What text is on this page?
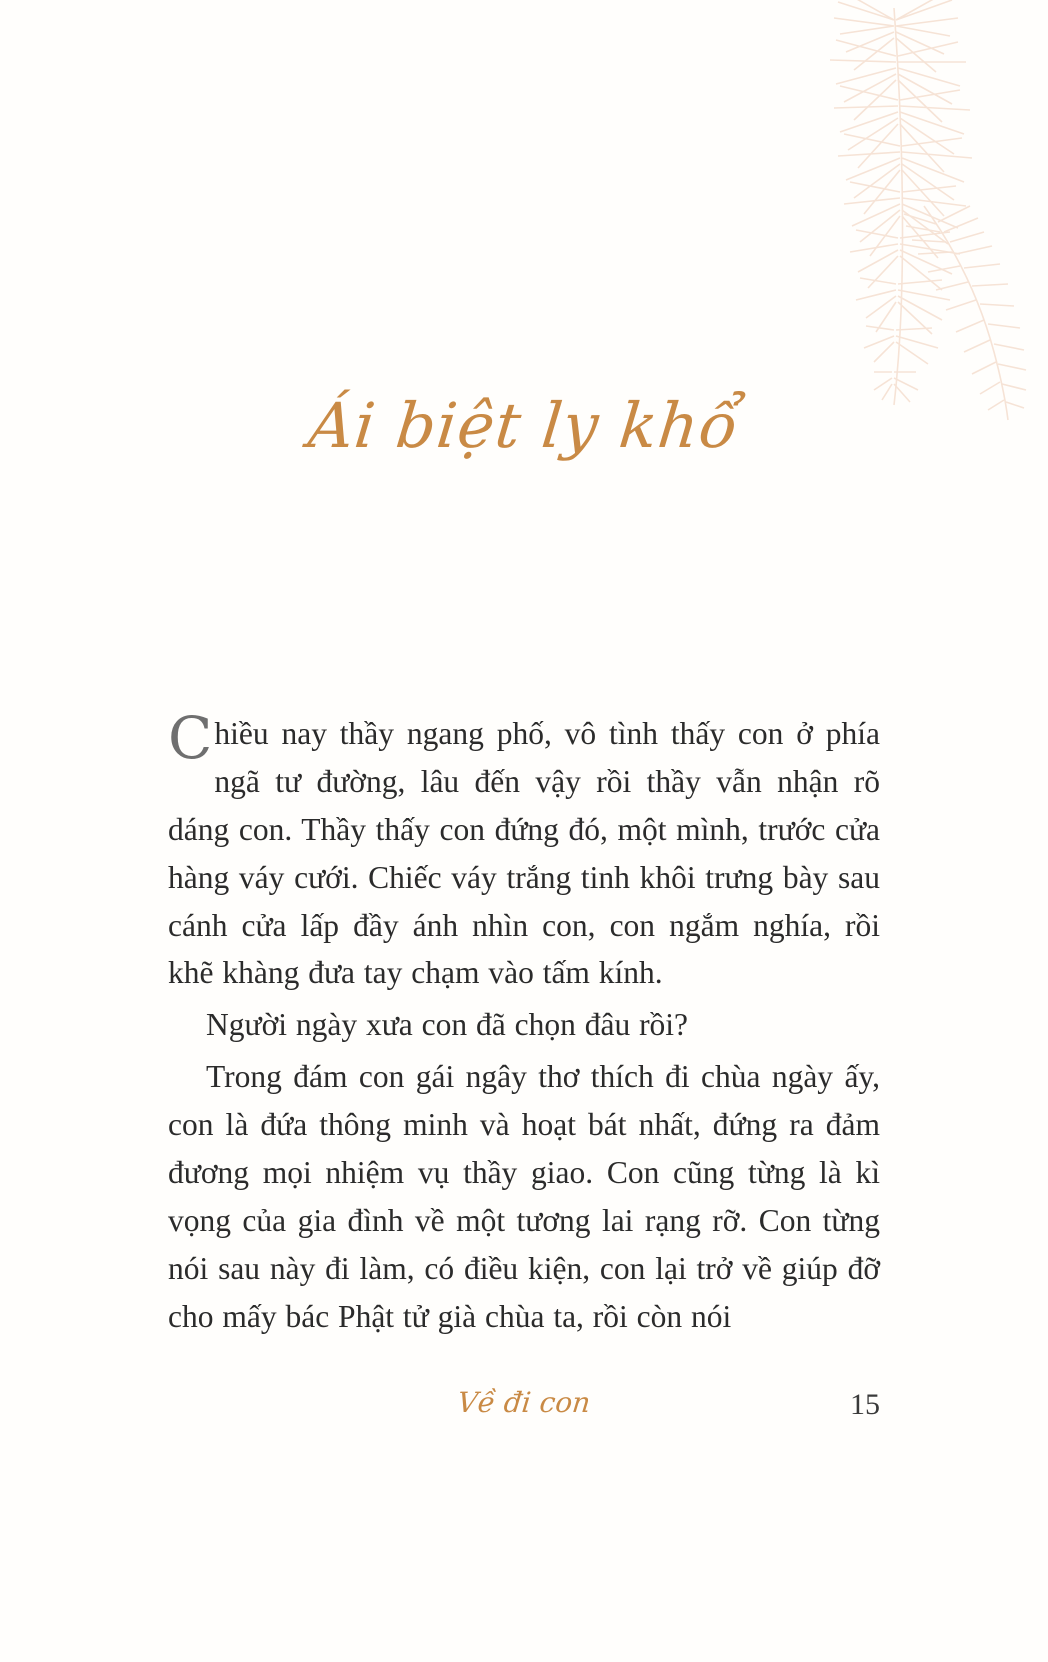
Ái biệt ly khổ

Chiều nay thầy ngang phố, vô tình thấy con ở phía ngã tư đường, lâu đến vậy rồi thầy vẫn nhận rõ dáng con. Thầy thấy con đứng đó, một mình, trước cửa hàng váy cưới. Chiếc váy trắng tinh khôi trưng bày sau cánh cửa lấp đầy ánh nhìn con, con ngắm nghía, rồi khẽ khàng đưa tay chạm vào tấm kính.

Người ngày xưa con đã chọn đâu rồi?

Trong đám con gái ngây thơ thích đi chùa ngày ấy, con là đứa thông minh và hoạt bát nhất, đứng ra đảm đương mọi nhiệm vụ thầy giao. Con cũng từng là kì vọng của gia đình về một tương lai rạng rỡ. Con từng nói sau này đi làm, có điều kiện, con lại trở về giúp đỡ cho mấy bác Phật tử già chùa ta, rồi còn nói

Về đi con	15
